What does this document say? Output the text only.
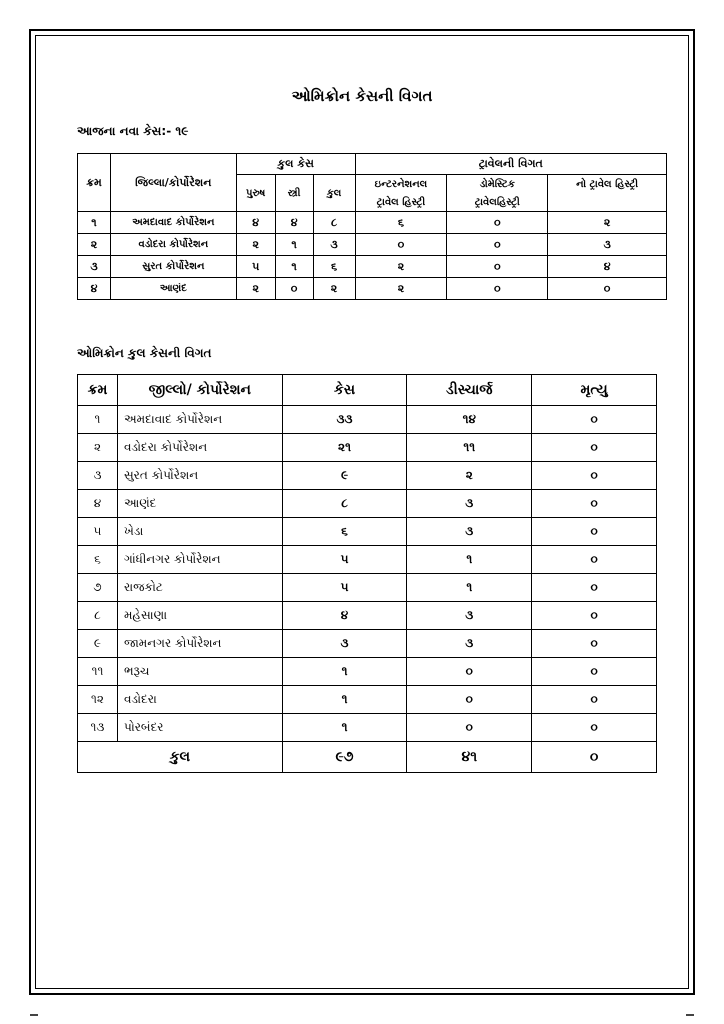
ઓમિક્રોન કેસની વિગત
આજના નવા કેસ:- ૧૯
ક્રમ	જિલ્લા/કોર્પોરેશન	કુલ કેસ			ટ્રાવેલની વિગત		
		પુરુષ	સ્ત્રી	કુલ	ઇન્ટરનેશનલ	ડોમેસ્ટિક	નો ટ્રાવેલ હિસ્ટ્રી
					ટ્રાવેલ હિસ્ટ્રી	ટ્રાવેલહિસ્ટ્રી	
૧	અમદાવાદ કોર્પોરેશન	૪	૪	૮	૬	૦	૨
૨	વડોદરા કોર્પોરેશન	૨	૧	૩	૦	૦	૩
૩	સુરત કોર્પોરેશન	૫	૧	૬	૨	૦	૪
૪	આણંદ	૨	૦	૨	૨	૦	૦
ઓમિક્રોન કુલ કેસની વિગત
ક્રમ	જીલ્લો/ કોર્પોરેશન	કેસ	ડીસ્ચાર્જ	મૃત્યુ
૧	અમદાવાદ કોર્પોરેશન	૩૩	૧૪	૦
૨	વડોદરા કોર્પોરેશન	૨૧	૧૧	૦
૩	સુરત કોર્પોરેશન	૯	૨	૦
૪	આણંદ	૮	૩	૦
૫	ખેડા	૬	૩	૦
૬	ગાંધીનગર કોર્પોરેશન	૫	૧	૦
૭	રાજકોટ	૫	૧	૦
૮	મહેસાણા	૪	૩	૦
૯	જામનગર કોર્પોરેશન	૩	૩	૦
૧૧	ભરૂચ	૧	૦	૦
૧૨	વડોદરા	૧	૦	૦
૧૩	પોરબંદર	૧	૦	૦
કુલ		૯૭	૪૧	૦
